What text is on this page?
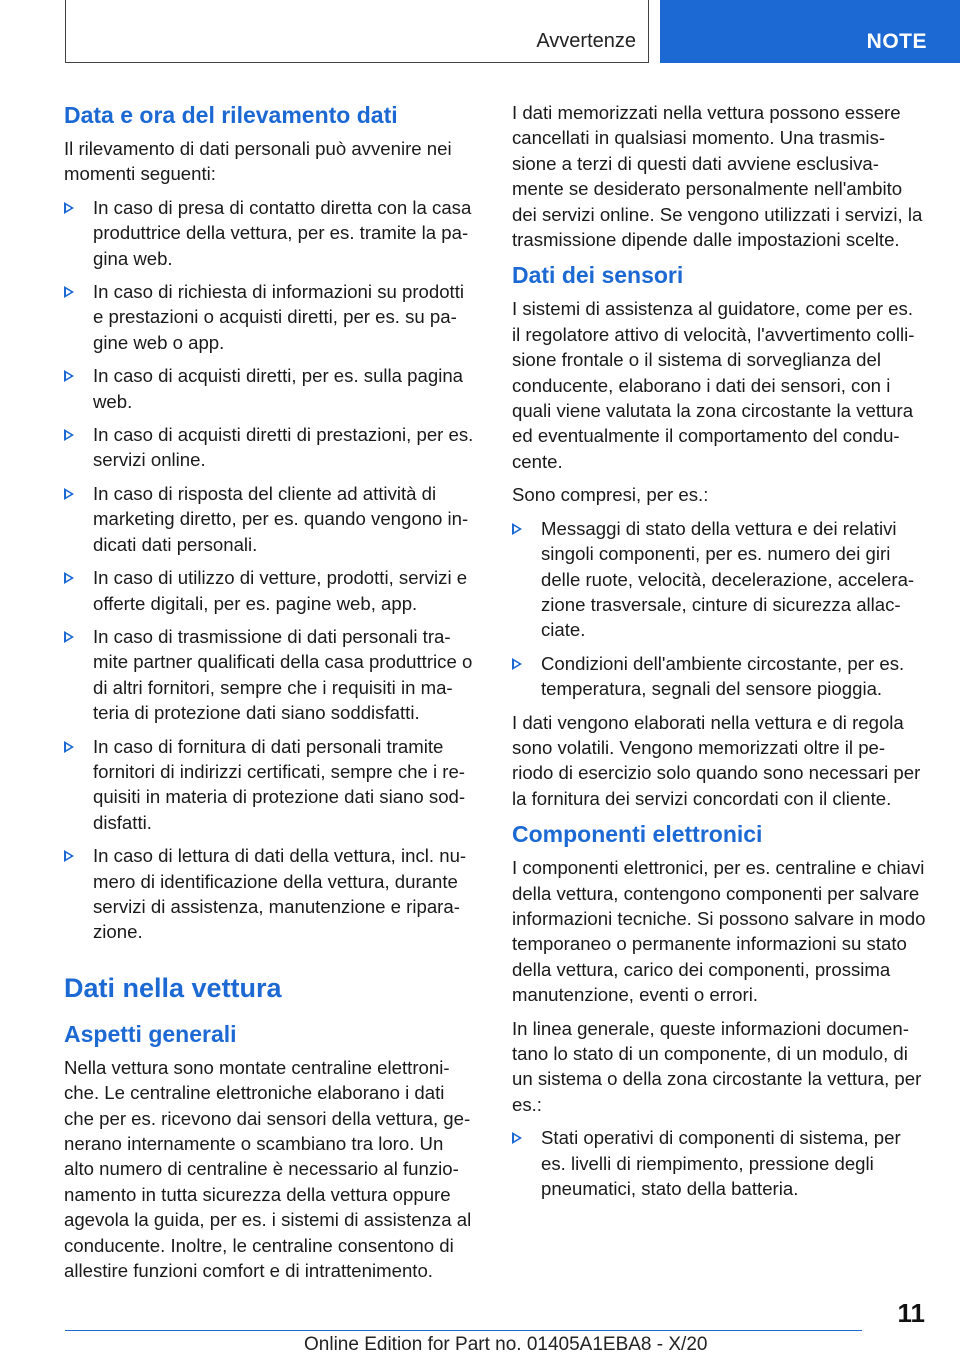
Avvertenze	NOTE
Data e ora del rilevamento dati

Il rilevamento di dati personali può avvenire nei momenti seguenti:

In caso di presa di contatto diretta con la casa produttrice della vettura, per es. tramite la pa-gina web.
In caso di richiesta di informazioni su prodotti e prestazioni o acquisti diretti, per es. su pa-gine web o app.
In caso di acquisti diretti, per es. sulla pagina web.
In caso di acquisti diretti di prestazioni, per es. servizi online.
In caso di risposta del cliente ad attività di marketing diretto, per es. quando vengono in-dicati dati personali.
In caso di utilizzo di vetture, prodotti, servizi e offerte digitali, per es. pagine web, app.
In caso di trasmissione di dati personali tra-mite partner qualificati della casa produttrice o di altri fornitori, sempre che i requisiti in ma-teria di protezione dati siano soddisfatti.
In caso di fornitura di dati personali tramite fornitori di indirizzi certificati, sempre che i re-quisiti in materia di protezione dati siano sod-disfatti.
In caso di lettura di dati della vettura, incl. nu-mero di identificazione della vettura, durante servizi di assistenza, manutenzione e ripara-zione.
Dati nella vettura
Aspetti generali

Nella vettura sono montate centraline elettroni-che. Le centraline elettroniche elaborano i dati che per es. ricevono dai sensori della vettura, ge-nerano internamente o scambiano tra loro. Un alto numero di centraline è necessario al funzio-namento in tutta sicurezza della vettura oppure agevola la guida, per es. i sistemi di assistenza al conducente. Inoltre, le centraline consentono di allestire funzioni comfort e di intrattenimento.

I dati memorizzati nella vettura possono essere cancellati in qualsiasi momento. Una trasmis-sione a terzi di questi dati avviene esclusiva-mente se desiderato personalmente nell'ambito dei servizi online. Se vengono utilizzati i servizi, la trasmissione dipende dalle impostazioni scelte.

Dati dei sensori

I sistemi di assistenza al guidatore, come per es. il regolatore attivo di velocità, l'avvertimento colli-sione frontale o il sistema di sorveglianza del conducente, elaborano i dati dei sensori, con i quali viene valutata la zona circostante la vettura ed eventualmente il comportamento del condu-cente.

Sono compresi, per es.:

Messaggi di stato della vettura e dei relativi singoli componenti, per es. numero dei giri delle ruote, velocità, decelerazione, accelera-zione trasversale, cinture di sicurezza allac-ciate.
Condizioni dell'ambiente circostante, per es. temperatura, segnali del sensore pioggia.

I dati vengono elaborati nella vettura e di regola sono volatili. Vengono memorizzati oltre il pe-riodo di esercizio solo quando sono necessari per la fornitura dei servizi concordati con il cliente.

Componenti elettronici

I componenti elettronici, per es. centraline e chiavi della vettura, contengono componenti per salvare informazioni tecniche. Si possono salvare in modo temporaneo o permanente informazioni su stato della vettura, carico dei componenti, prossima manutenzione, eventi o errori.

In linea generale, queste informazioni documen-tano lo stato di un componente, di un modulo, di un sistema o della zona circostante la vettura, per es.:

Stati operativi di componenti di sistema, per es. livelli di riempimento, pressione degli pneumatici, stato della batteria.
11
Online Edition for Part no. 01405A1EBA8 - X/20
